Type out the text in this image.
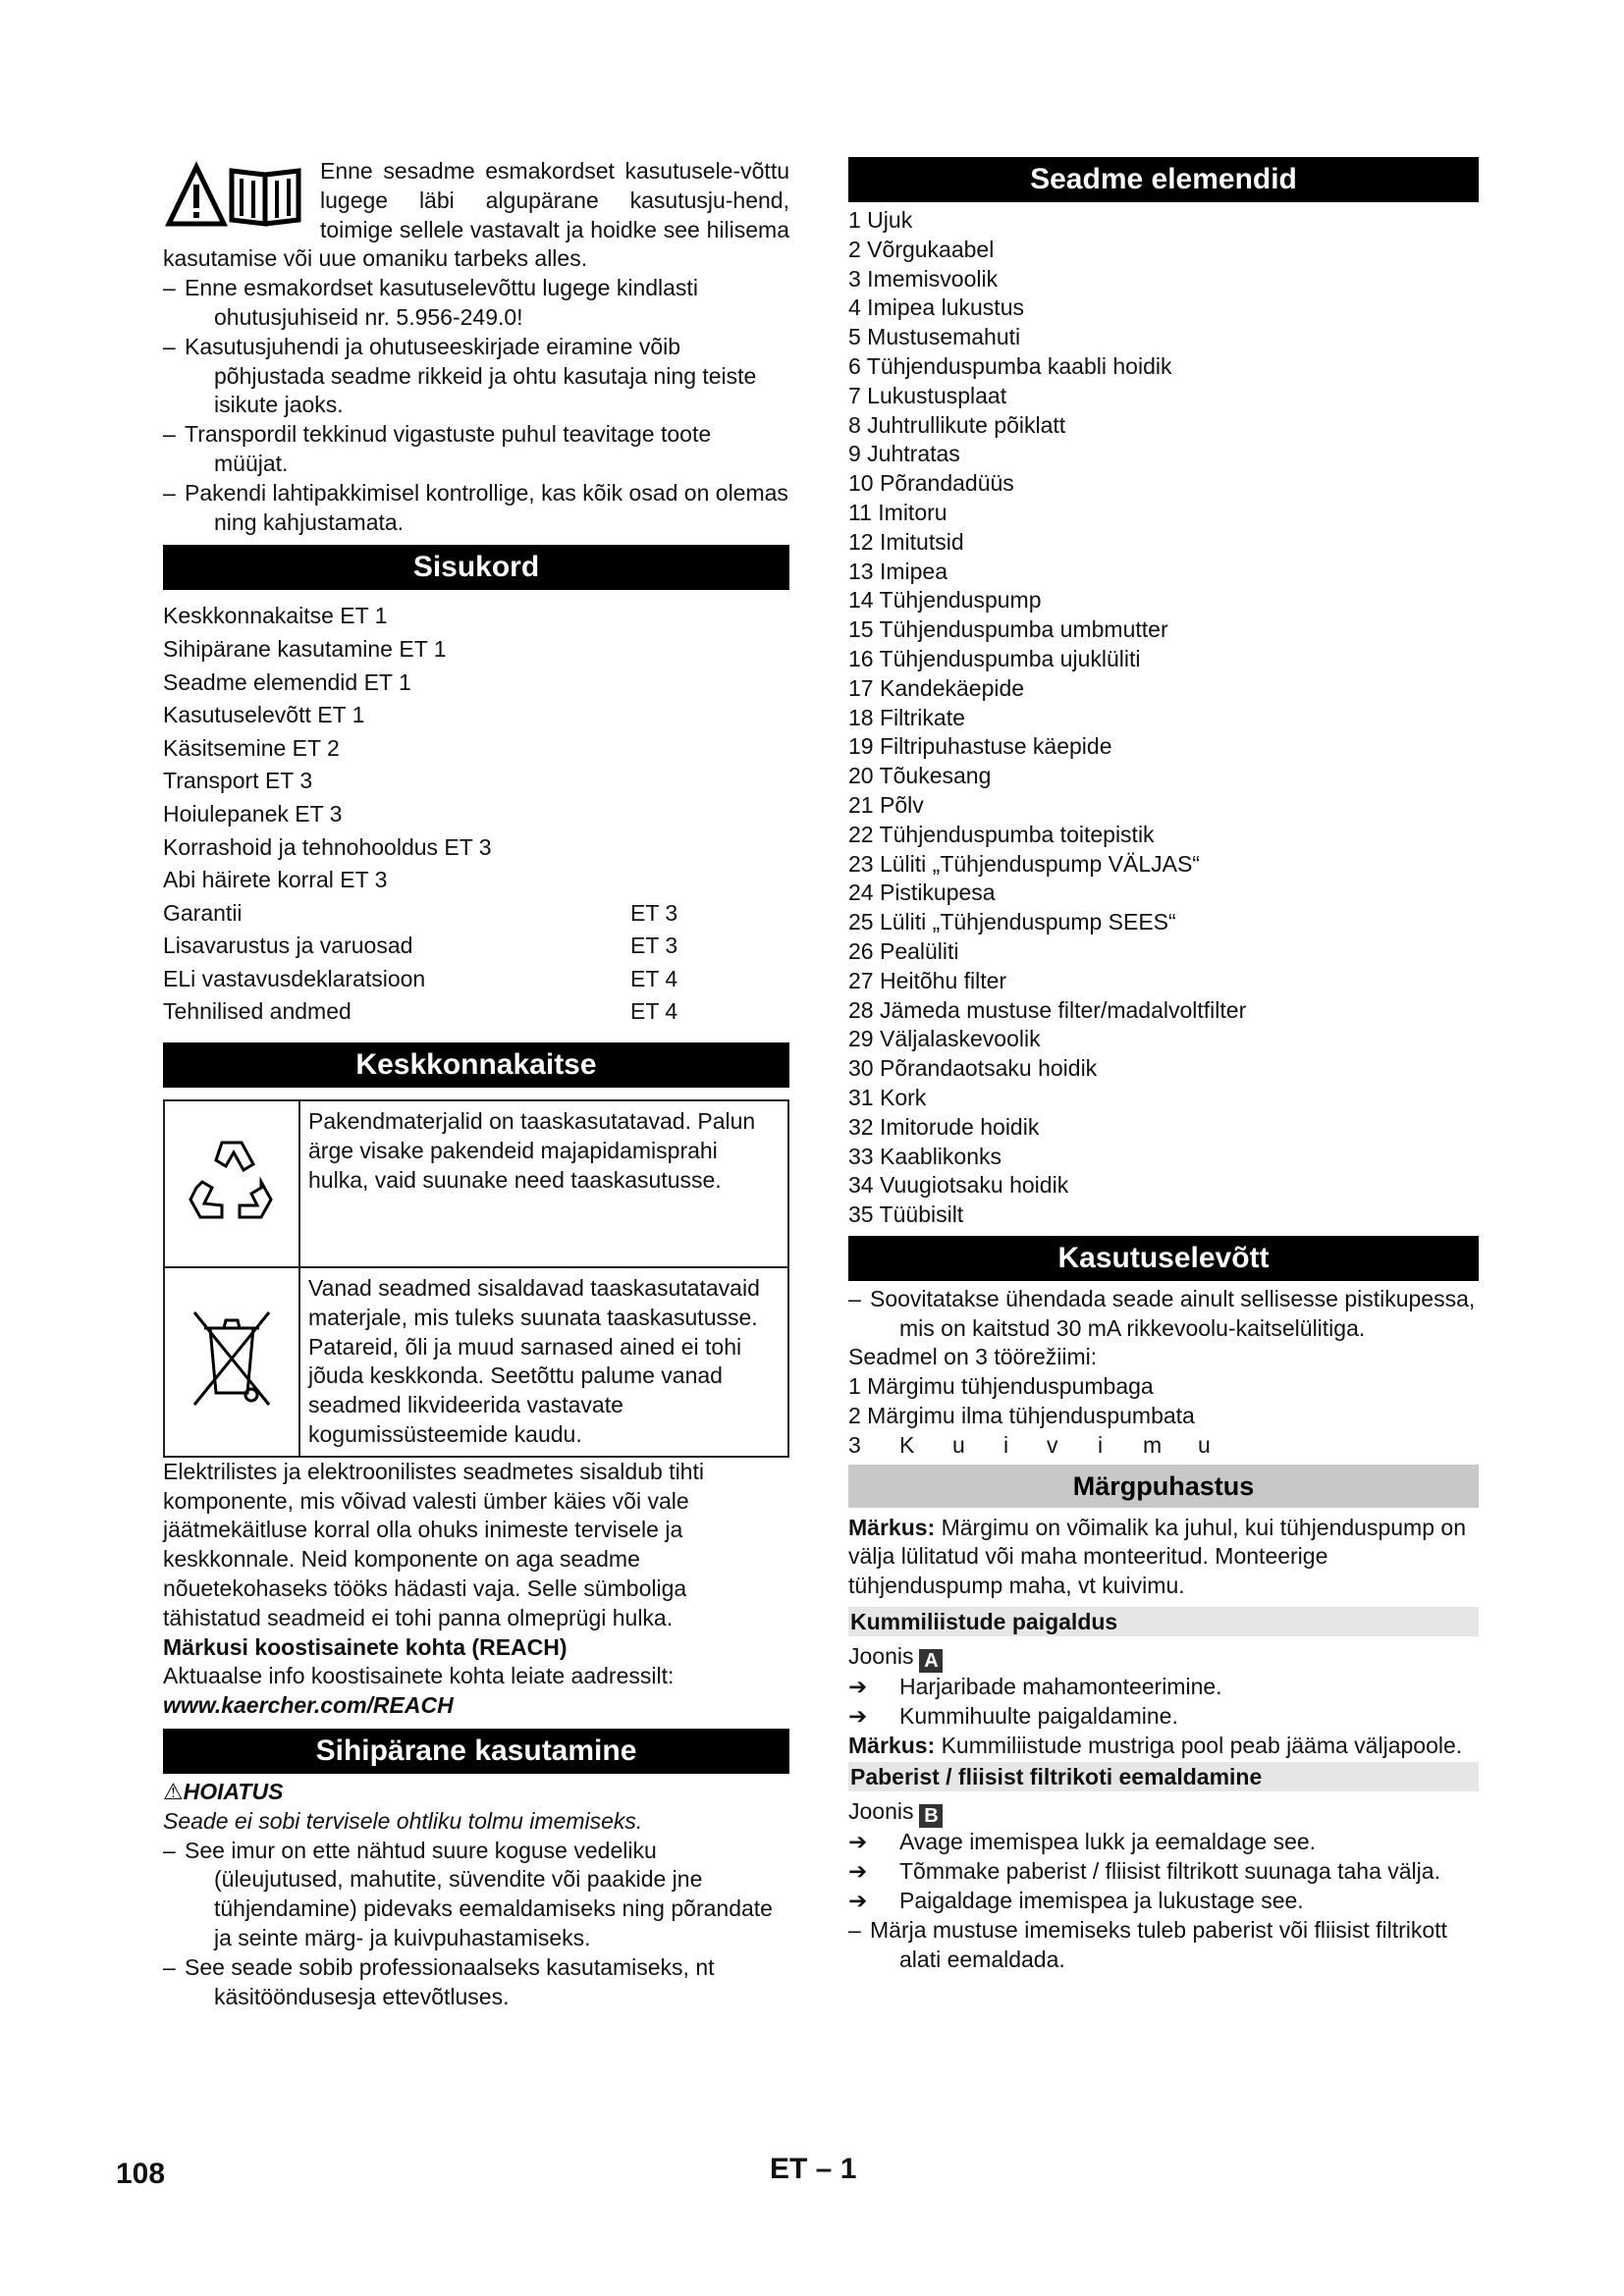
Enne sesadme esmakordset kasutusele-võttu lugege läbi algupärane kasutusju-hend, toimige sellele vastavalt ja hoidke see hilisema kasutamise või uue omaniku tarbeks alles.

– Enne esmakordset kasutuselevõttu lugege kindlasti ohutusjuhiseid nr. 5.956-249.0!

– Kasutusjuhendi ja ohutuseeskirjade eiramine võib põhjustada seadme rikkeid ja ohtu kasutaja ning teiste isikute jaoks.

– Transpordil tekkinud vigastuste puhul teavitage toote müüjat.

– Pakendi lahtipakkimisel kontrollige, kas kõik osad on olemas ning kahjustamata.

Sisukord
Keskkonnakaitse ET 1
Sihipärane kasutamine ET 1
Seadme elemendid ET 1
Kasutuselevõtt ET 1
Käsitsemine ET 2
Transport ET 3
Hoiulepanek ET 3
Korrashoid ja tehnohooldus ET 3
Abi häirete korral ET 3
Garantii	ET 3
Lisavarustus ja varuosad	ET 3
ELi vastavusdeklaratsioon	ET 4
Tehnilised andmed	ET 4
Keskkonnakaitse
	Pakendmaterjalid on taaskasutatavad. Palun ärge visake pakendeid majapidamisprahi hulka, vaid suunake need taaskasutusse.
	Vanad seadmed sisaldavad taaskasutatavaid materjale, mis tuleks suunata taaskasutusse. Patareid, õli ja muud sarnased ained ei tohi jõuda keskkonda. Seetõttu palume vanad seadmed likvideerida vastavate kogumissüsteemide kaudu.

Elektrilistes ja elektroonilistes seadmetes sisaldub tihti komponente, mis võivad valesti ümber käies või vale jäätmekäitluse korral olla ohuks inimeste tervisele ja keskkonnale. Neid komponente on aga seadme nõuetekohaseks tööks hädasti vaja. Selle sümboliga tähistatud seadmeid ei tohi panna olmeprügi hulka.

Märkusi koostisainete kohta (REACH)

Aktuaalse info koostisainete kohta leiate aadressilt:

www.kaercher.com/REACH

Sihipärane kasutamine

⚠HOIATUS

Seade ei sobi tervisele ohtliku tolmu imemiseks.

– See imur on ette nähtud suure koguse vedeliku (üleujutused, mahutite, süvendite või paakide jne tühjendamine) pidevaks eemaldamiseks ning põrandate ja seinte märg- ja kuivpuhastamiseks.

– See seade sobib professionaalseks kasutamiseks, nt käsitööndusesja ettevõtluses.

Seadme elemendid

1 Ujuk

2 Võrgukaabel

3 Imemisvoolik

4 Imipea lukustus

5 Mustusemahuti

6 Tühjenduspumba kaabli hoidik

7 Lukustusplaat

8 Juhtrullikute põiklatt

9 Juhtratas

10 Põrandadüüs

11 Imitoru

12 Imitutsid

13 Imipea

14 Tühjenduspump

15 Tühjenduspumba umbmutter

16 Tühjenduspumba ujuklüliti

17 Kandekäepide

18 Filtrikate

19 Filtripuhastuse käepide

20 Tõukesang

21 Põlv

22 Tühjenduspumba toitepistik

23 Lüliti „Tühjenduspump VÄLJAS“

24 Pistikupesa

25 Lüliti „Tühjenduspump SEES“

26 Pealüliti

27 Heitõhu filter

28 Jämeda mustuse filter/madalvoltfilter

29 Väljalaskevoolik

30 Põrandaotsaku hoidik

31 Kork

32 Imitorude hoidik

33 Kaablikonks

34 Vuugiotsaku hoidik

35 Tüübisilt

Kasutuselevõtt

– Soovitatakse ühendada seade ainult sellisesse pistikupessa, mis on kaitstud 30 mA rikkevoolu-kaitselülitiga.

Seadmel on 3 töörežiimi:

1 Märgimu tühjenduspumbaga

2 Märgimu ilma tühjenduspumbata

3 K u i v i m u

Märgpuhastus

Märkus: Märgimu on võimalik ka juhul, kui tühjenduspump on välja lülitatud või maha monteeritud. Monteerige tühjenduspump maha, vt kuivimu.

Kummiliistude paigaldus

Joonis A

➔ Harjaribade mahamonteerimine.

➔ Kummihuulte paigaldamine.

Märkus: Kummiliistude mustriga pool peab jääma väljapoole.

Paberist / fliisist filtrikoti eemaldamine

Joonis B

➔ Avage imemispea lukk ja eemaldage see.

➔ Tõmmake paberist / fliisist filtrikott suunaga taha välja.

➔ Paigaldage imemispea ja lukustage see.

– Märja mustuse imemiseks tuleb paberist või fliisist filtrikott alati eemaldada.

108	ET – 1
